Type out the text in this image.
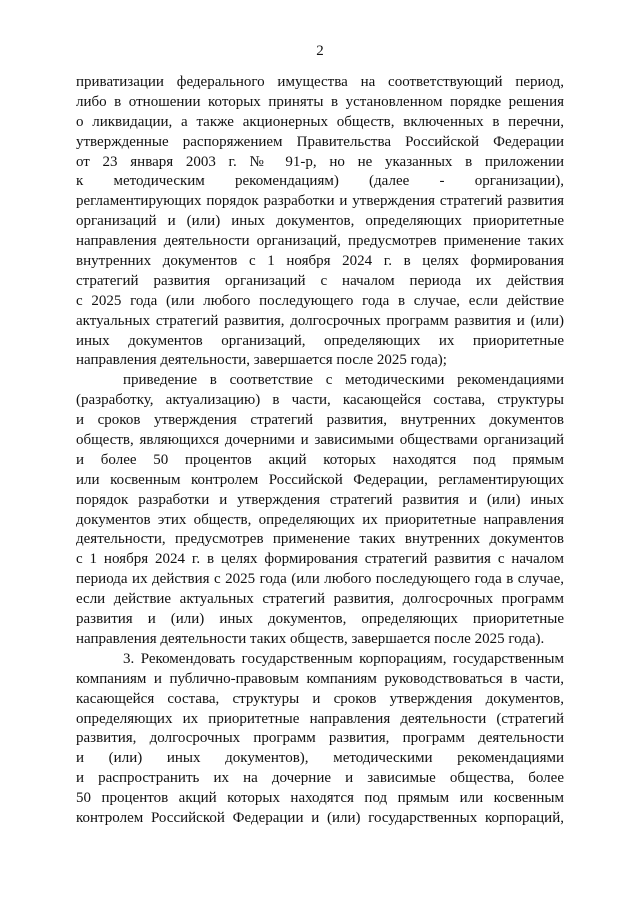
2
приватизации федерального имущества на соответствующий период,
либо в отношении которых приняты в установленном порядке решения
о ликвидации, а также акционерных обществ, включенных в перечни,
утвержденные распоряжением Правительства Российской Федерации
от 23 января 2003 г. № 91-р, но не указанных в приложении
к методическим рекомендациям) (далее - организации),
регламентирующих порядок разработки и утверждения стратегий развития
организаций и (или) иных документов, определяющих приоритетные
направления деятельности организаций, предусмотрев применение таких
внутренних документов с 1 ноября 2024 г. в целях формирования
стратегий развития организаций с началом периода их действия
с 2025 года (или любого последующего года в случае, если действие
актуальных стратегий развития, долгосрочных программ развития и (или)
иных документов организаций, определяющих их приоритетные
направления деятельности, завершается после 2025 года);
приведение в соответствие с методическими рекомендациями
(разработку, актуализацию) в части, касающейся состава, структуры
и сроков утверждения стратегий развития, внутренних документов
обществ, являющихся дочерними и зависимыми обществами организаций
и более 50 процентов акций которых находятся под прямым
или косвенным контролем Российской Федерации, регламентирующих
порядок разработки и утверждения стратегий развития и (или) иных
документов этих обществ, определяющих их приоритетные направления
деятельности, предусмотрев применение таких внутренних документов
с 1 ноября 2024 г. в целях формирования стратегий развития с началом
периода их действия с 2025 года (или любого последующего года в случае,
если действие актуальных стратегий развития, долгосрочных программ
развития и (или) иных документов, определяющих приоритетные
направления деятельности таких обществ, завершается после 2025 года).
3. Рекомендовать государственным корпорациям, государственным
компаниям и публично-правовым компаниям руководствоваться в части,
касающейся состава, структуры и сроков утверждения документов,
определяющих их приоритетные направления деятельности (стратегий
развития, долгосрочных программ развития, программ деятельности
и (или) иных документов), методическими рекомендациями
и распространить их на дочерние и зависимые общества, более
50 процентов акций которых находятся под прямым или косвенным
контролем Российской Федерации и (или) государственных корпораций,
